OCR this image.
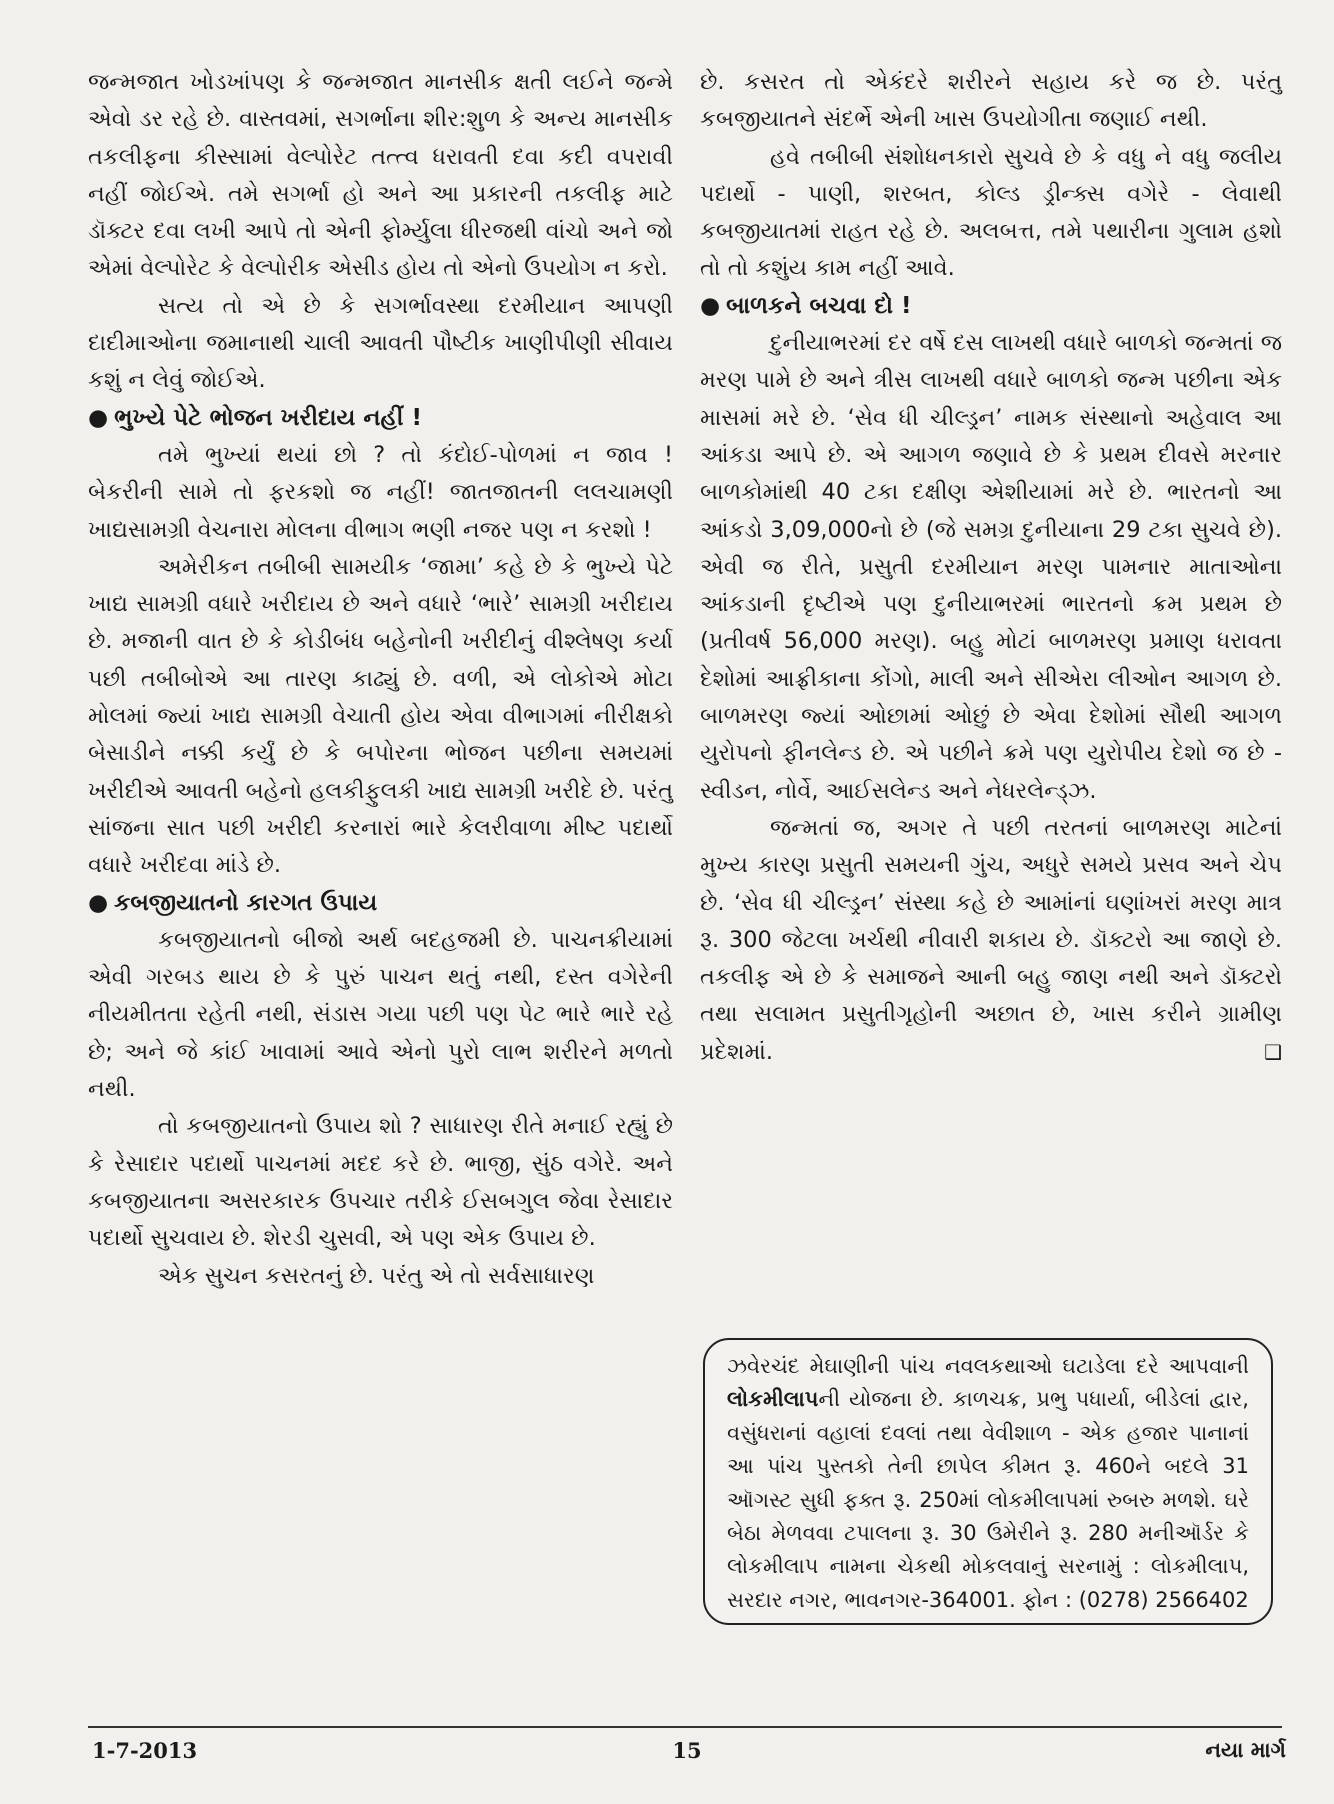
જન્મજાત ખોડખાંપણ કે જન્મજાત માનસીક ક્ષતી લઈને જન્મે એવો ડર રહે છે. વાસ્તવમાં, સગર્ભાના શીર:શુળ કે અન્ય માનસીક તકલીફના કીસ્સામાં વેલ્પોરેટ તત્ત્વ ધરાવતી દવા કદી વપરાવી નહીં જોઈએ. તમે સગર્ભા હો અને આ પ્રકારની તકલીફ માટે ડૉક્ટર દવા લખી આપે તો એની ફોર્મ્યુલા ધીરજથી વાંચો અને જો એમાં વેલ્પોરેટ કે વેલ્પોરીક એસીડ હોય તો એનો ઉપયોગ ન કરો.

સત્ય તો એ છે કે સગર્ભાવસ્થા દરમીયાન આપણી દાદીમાઓના જમાનાથી ચાલી આવતી પૌષ્ટીક ખાણીપીણી સીવાય કશું ન લેવું જોઈએ.

● ભુખ્યે પેટે ભોજન ખરીદાય નહીં !

તમે ભુખ્યાં થયાં છો ? તો કંદોઈ-પોળમાં ન જાવ ! બેકરીની સામે તો ફરકશો જ નહીં! જાતજાતની લલચામણી ખાદ્યસામગ્રી વેચનારા મોલના વીભાગ ભણી નજર પણ ન કરશો !

અમેરીકન તબીબી સામયીક ‘જામા’ કહે છે કે ભુખ્યે પેટે ખાદ્ય સામગ્રી વધારે ખરીદાય છે અને વધારે ‘ભારે’ સામગ્રી ખરીદાય છે. મજાની વાત છે કે કોડીબંધ બહેનોની ખરીદીનું વીશ્લેષણ કર્યા પછી તબીબોએ આ તારણ કાઢ્યું છે. વળી, એ લોકોએ મોટા મોલમાં જ્યાં ખાદ્ય સામગ્રી વેચાતી હોય એવા વીભાગમાં નીરીક્ષકો બેસાડીને નક્કી કર્યું છે કે બપોરના ભોજન પછીના સમયમાં ખરીદીએ આવતી બહેનો હલકીફુલકી ખાદ્ય સામગ્રી ખરીદે છે. પરંતુ સાંજના સાત પછી ખરીદી કરનારાં ભારે કેલરીવાળા મીષ્ટ પદાર્થો વધારે ખરીદવા માંડે છે.

● કબજીયાતનો કારગત ઉપાય

કબજીયાતનો બીજો અર્થ બદહજમી છે. પાચનક્રીયામાં એવી ગરબડ થાય છે કે પુરું પાચન થતું નથી, દસ્ત વગેરેની નીયમીતતા રહેતી નથી, સંડાસ ગયા પછી પણ પેટ ભારે ભારે રહે છે; અને જે કાંઈ ખાવામાં આવે એનો પુરો લાભ શરીરને મળતો નથી.

તો કબજીયાતનો ઉપાય શો ? સાધારણ રીતે મનાઈ રહ્યું છે કે રેસાદાર પદાર્થો પાચનમાં મદદ કરે છે. ભાજી, સુંઠ વગેરે. અને કબજીયાતના અસરકારક ઉપચાર તરીકે ઈસબગુલ જેવા રેસાદાર પદાર્થો સુચવાય છે. શેરડી ચુસવી, એ પણ એક ઉપાય છે.

એક સુચન કસરતનું છે. પરંતુ એ તો સર્વસાધારણ

છે. કસરત તો એકંદરે શરીરને સહાય કરે જ છે. પરંતુ કબજીયાતને સંદર્ભે એની ખાસ ઉપયોગીતા જણાઈ નથી.

હવે તબીબી સંશોધનકારો સુચવે છે કે વધુ ને વધુ જલીય પદાર્થો - પાણી, શરબત, કોલ્ડ ડ્રીન્ક્સ વગેરે - લેવાથી કબજીયાતમાં રાહત રહે છે. અલબત્ત, તમે પથારીના ગુલામ હશો તો તો કશુંય કામ નહીં આવે.

● બાળકને બચવા દો !

દુનીયાભરમાં દર વર્ષે દસ લાખથી વધારે બાળકો જન્મતાં જ મરણ પામે છે અને ત્રીસ લાખથી વધારે બાળકો જન્મ પછીના એક માસમાં મરે છે. ‘સેવ ધી ચીલ્ડ્રન’ નામક સંસ્થાનો અહેવાલ આ આંકડા આપે છે. એ આગળ જણાવે છે કે પ્રથમ દીવસે મરનાર બાળકોમાંથી 40 ટકા દક્ષીણ એશીયામાં મરે છે. ભારતનો આ આંકડો 3,09,000નો છે (જે સમગ્ર દુનીયાના 29 ટકા સુચવે છે). એવી જ રીતે, પ્રસુતી દરમીયાન મરણ પામનાર માતાઓના આંકડાની દૃષ્ટીએ પણ દુનીયાભરમાં ભારતનો ક્રમ પ્રથમ છે (પ્રતીવર્ષ 56,000 મરણ). બહુ મોટાં બાળમરણ પ્રમાણ ધરાવતા દેશોમાં આફ્રીકાના કોંગો, માલી અને સીએરા લીઓન આગળ છે. બાળમરણ જ્યાં ઓછામાં ઓછું છે એવા દેશોમાં સૌથી આગળ યુરોપનો ફીનલેન્ડ છે. એ પછીને ક્રમે પણ યુરોપીય દેશો જ છે - સ્વીડન, નોર્વે, આઈસલેન્ડ અને નેધરલેન્ડ્ઝ.

જન્મતાં જ, અગર તે પછી તરતનાં બાળમરણ માટેનાં મુખ્ય કારણ પ્રસુતી સમયની ગુંચ, અધુરે સમયે પ્રસવ અને ચેપ છે. ‘સેવ ધી ચીલ્ડ્રન’ સંસ્થા કહે છે આમાંનાં ઘણાંખરાં મરણ માત્ર રૂ. 300 જેટલા ખર્ચથી નીવારી શકાય છે. ડૉક્ટરો આ જાણે છે. તકલીફ એ છે કે સમાજને આની બહુ જાણ નથી અને ડૉક્ટરો તથા સલામત પ્રસુતીગૃહોની અછાત છે, ખાસ કરીને ગ્રામીણ પ્રદેશમાં.	❑

ઝવેરચંદ મેઘાણીની પાંચ નવલકથાઓ ઘટાડેલા દરે આપવાની લોકમીલાપની યોજના છે. કાળચક્ર, પ્રભુ પધાર્યા, બીડેલાં દ્વાર, વસુંધરાનાં વહાલાં દવલાં તથા વેવીશાળ - એક હજાર પાનાનાં આ પાંચ પુસ્તકો તેની છાપેલ કીમત રૂ. 460ને બદલે 31 ઑગસ્ટ સુધી ફક્ત રૂ. 250માં લોકમીલાપમાં રુબરુ મળશે. ઘરે બેઠા મેળવવા ટપાલના રૂ. 30 ઉમેરીને રૂ. 280 મનીઑર્ડર કે લોકમીલાપ નામના ચેકથી મોકલવાનું સરનામું : લોકમીલાપ, સરદાર નગર, ભાવનગર-364001. ફોન : (0278) 2566402

1-7-2013	15	નયા માર્ગ
